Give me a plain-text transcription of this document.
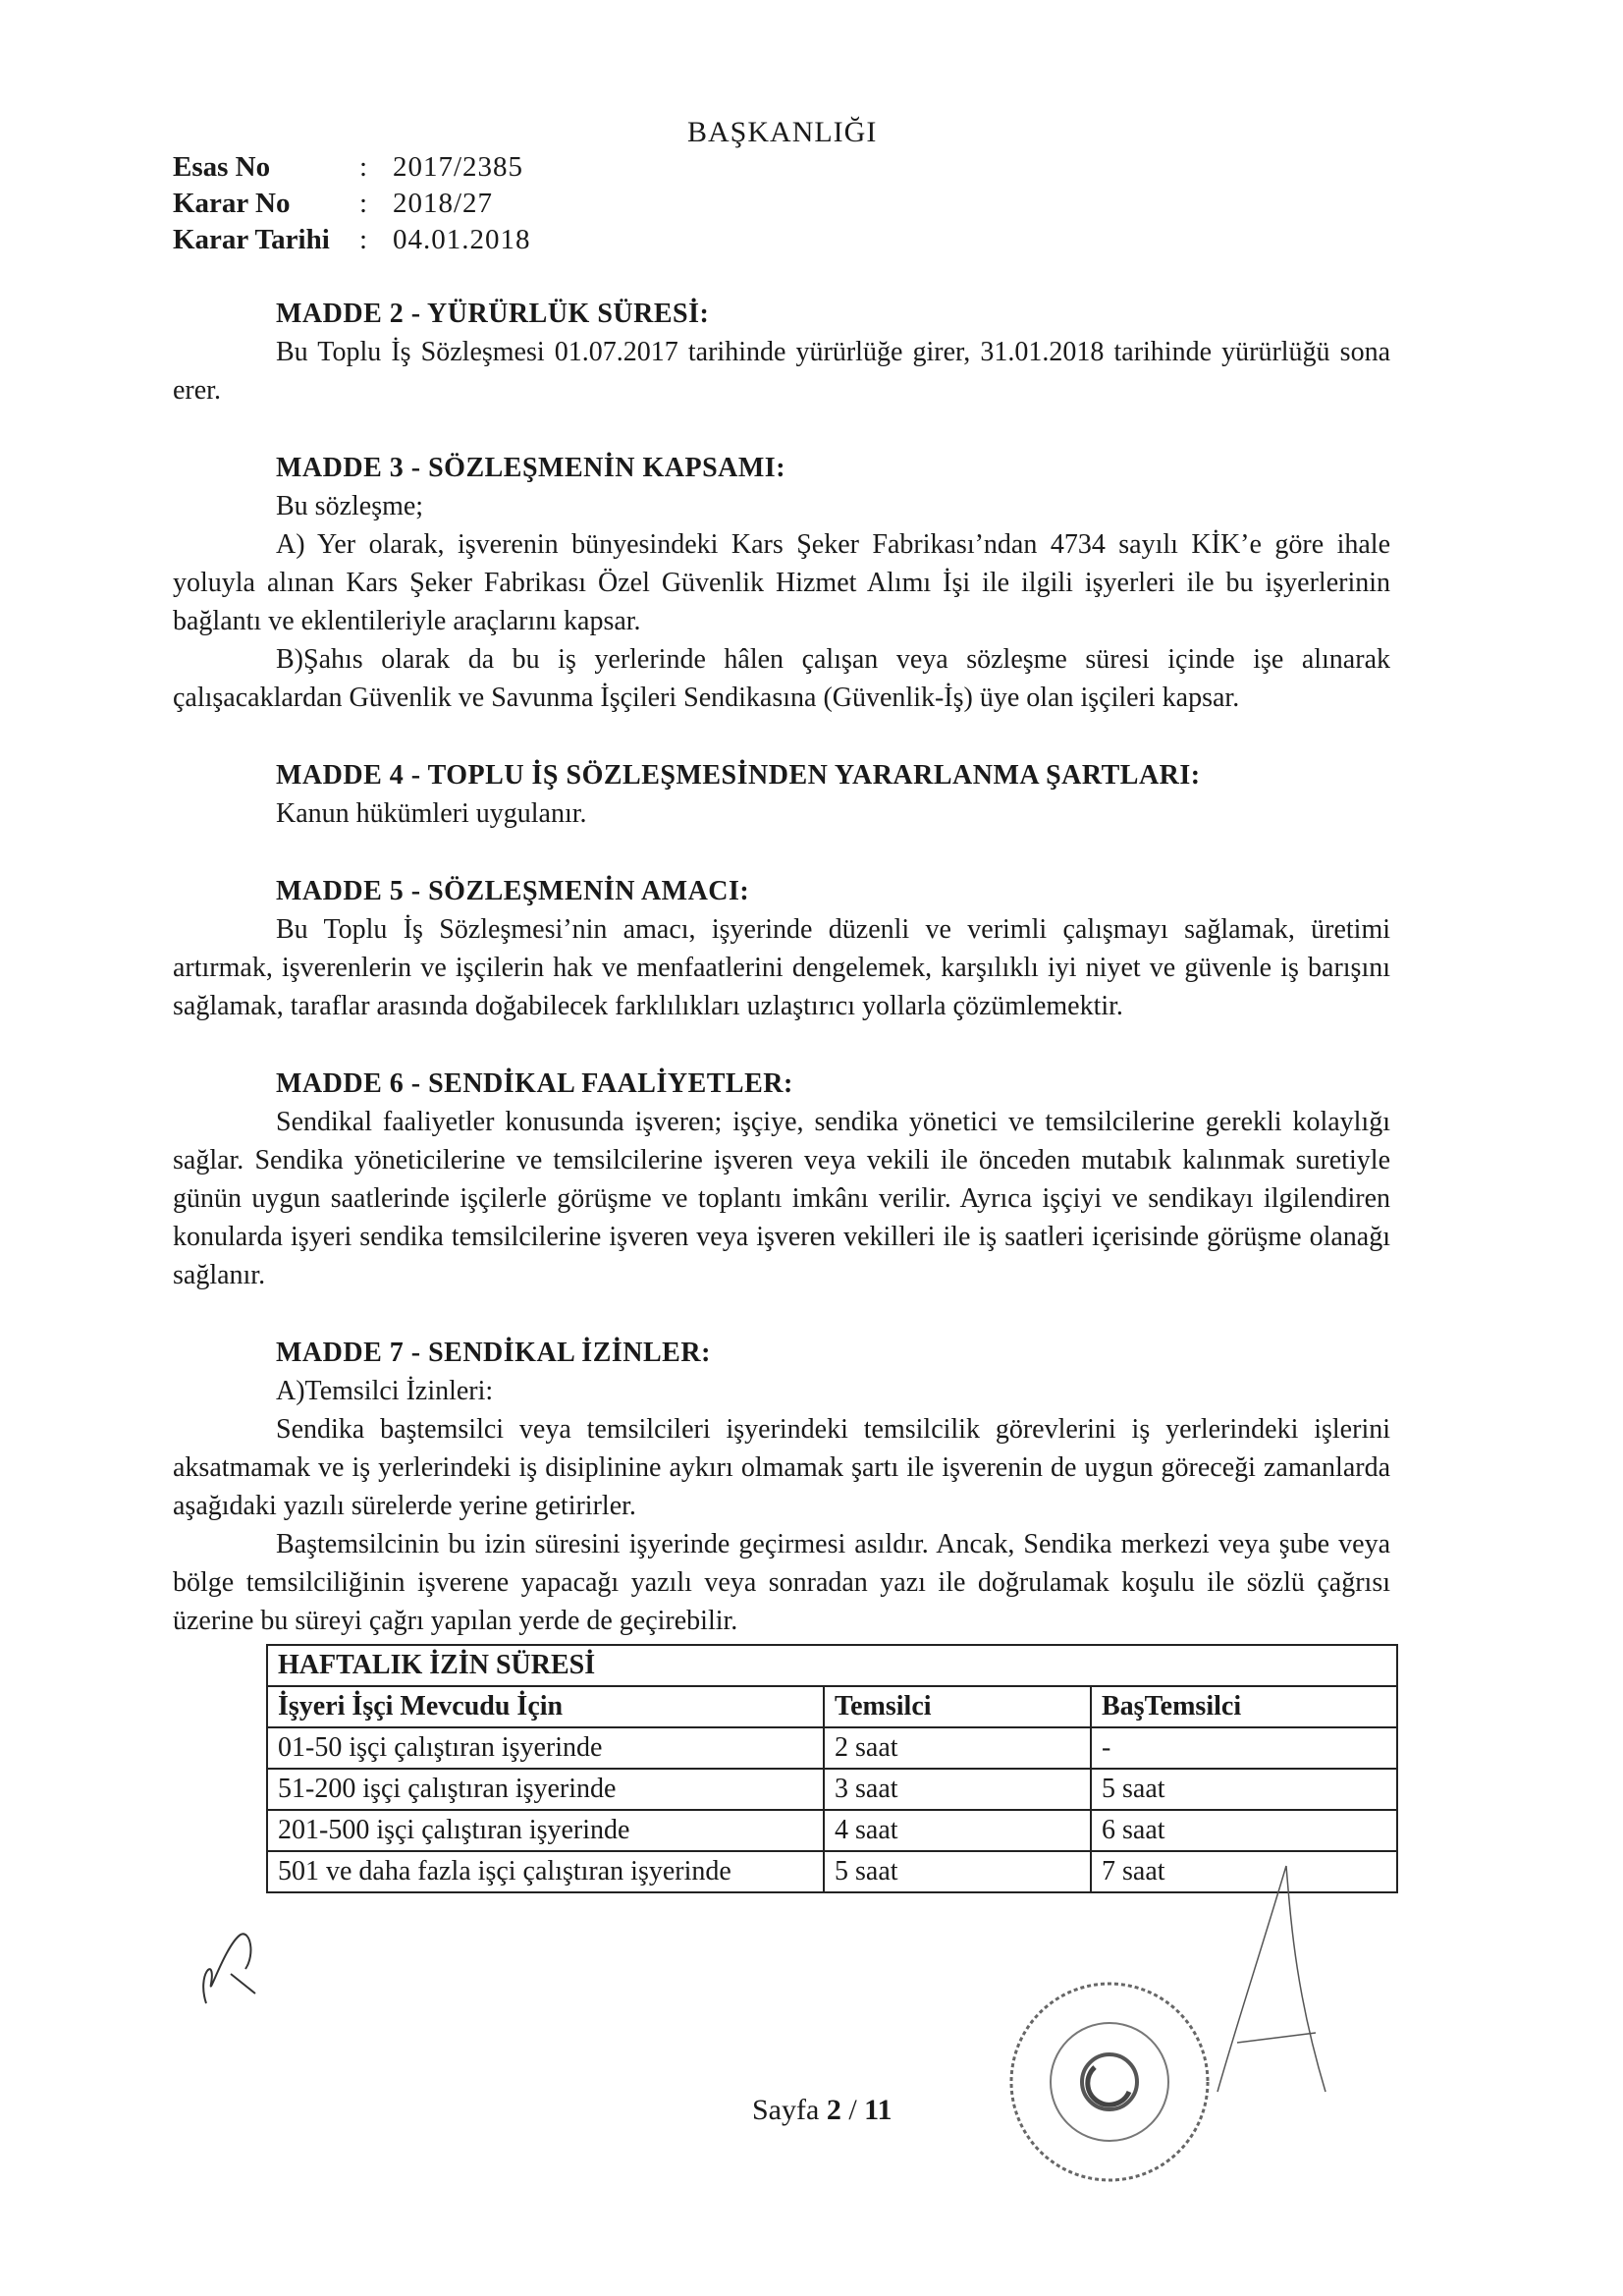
BAŞKANLIĞI
Esas No	: 2017/2385
Karar No	: 2018/27
Karar Tarihi	: 04.01.2018

MADDE 2 - YÜRÜRLÜK SÜRESİ:

Bu Toplu İş Sözleşmesi 01.07.2017 tarihinde yürürlüğe girer, 31.01.2018 tarihinde yürürlüğü sona erer.

MADDE 3 - SÖZLEŞMENİN KAPSAMI:

Bu sözleşme;

A) Yer olarak, işverenin bünyesindeki Kars Şeker Fabrikası’ndan 4734 sayılı KİK’e göre ihale yoluyla alınan Kars Şeker Fabrikası Özel Güvenlik Hizmet Alımı İşi ile ilgili işyerleri ile bu işyerlerinin bağlantı ve eklentileriyle araçlarını kapsar.

B)Şahıs olarak da bu iş yerlerinde hâlen çalışan veya sözleşme süresi içinde işe alınarak çalışacaklardan Güvenlik ve Savunma İşçileri Sendikasına (Güvenlik-İş) üye olan işçileri kapsar.

MADDE 4 - TOPLU İŞ SÖZLEŞMESİNDEN YARARLANMA ŞARTLARI:

Kanun hükümleri uygulanır.

MADDE 5 - SÖZLEŞMENİN AMACI:

Bu Toplu İş Sözleşmesi’nin amacı, işyerinde düzenli ve verimli çalışmayı sağlamak, üretimi artırmak, işverenlerin ve işçilerin hak ve menfaatlerini dengelemek, karşılıklı iyi niyet ve güvenle iş barışını sağlamak, taraflar arasında doğabilecek farklılıkları uzlaştırıcı yollarla çözümlemektir.

MADDE 6 - SENDİKAL FAALİYETLER:

Sendikal faaliyetler konusunda işveren; işçiye, sendika yönetici ve temsilcilerine gerekli kolaylığı sağlar. Sendika yöneticilerine ve temsilcilerine işveren veya vekili ile önceden mutabık kalınmak suretiyle günün uygun saatlerinde işçilerle görüşme ve toplantı imkânı verilir. Ayrıca işçiyi ve sendikayı ilgilendiren konularda işyeri sendika temsilcilerine işveren veya işveren vekilleri ile iş saatleri içerisinde görüşme olanağı sağlanır.

MADDE 7 - SENDİKAL İZİNLER:

A)Temsilci İzinleri:

Sendika baştemsilci veya temsilcileri işyerindeki temsilcilik görevlerini iş yerlerindeki işlerini aksatmamak ve iş yerlerindeki iş disiplinine aykırı olmamak şartı ile işverenin de uygun göreceği zamanlarda aşağıdaki yazılı sürelerde yerine getirirler.

Baştemsilcinin bu izin süresini işyerinde geçirmesi asıldır. Ancak, Sendika merkezi veya şube veya bölge temsilciliğinin işverene yapacağı yazılı veya sonradan yazı ile doğrulamak koşulu ile sözlü çağrısı üzerine bu süreyi çağrı yapılan yerde de geçirebilir.

HAFTALIK İZİN SÜRESİ		
İşyeri İşçi Mevcudu İçin	Temsilci	BaşTemsilci
01-50 işçi çalıştıran işyerinde	2 saat	-
51-200 işçi çalıştıran işyerinde	3 saat	5 saat
201-500 işçi çalıştıran işyerinde	4 saat	6 saat
501 ve daha fazla işçi çalıştıran işyerinde	5 saat	7 saat
Sayfa 2 / 11
